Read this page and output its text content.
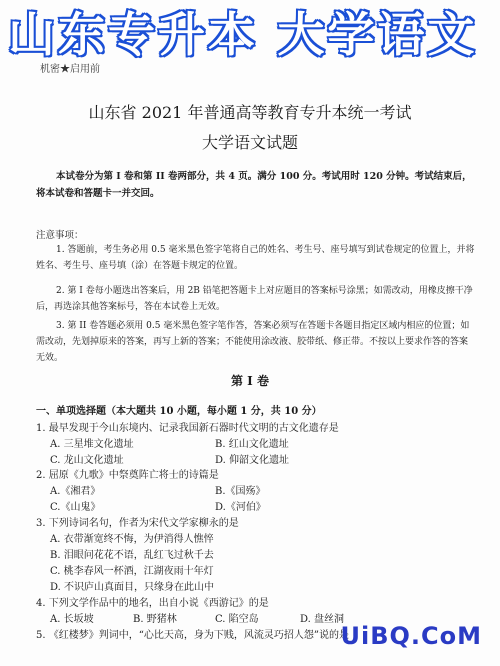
山东专升本 大学语文
机密★启用前
山东省 2021 年普通高等教育专升本统一考试
大学语文试题
本试卷分为第 I 卷和第 II 卷两部分，共 4 页。满分 100 分。考试用时 120 分钟。考试结束后，将本试卷和答题卡一并交回。
注意事项：
1. 答题前，考生务必用 0.5 毫米黑色签字笔将自己的姓名、考生号、座号填写到试卷规定的位置上，并将姓名、考生号、座号填（涂）在答题卡规定的位置。
2. 第 I 卷每小题选出答案后，用 2B 铅笔把答题卡上对应题目的答案标号涂黑；如需改动，用橡皮擦干净后，再选涂其他答案标号，答在本试卷上无效。
3. 第 II 卷答题必须用 0.5 毫米黑色签字笔作答，答案必须写在答题卡各题目指定区域内相应的位置；如需改动，先划掉原来的答案，再写上新的答案；不能使用涂改液、胶带纸、修正带。不按以上要求作答的答案无效。
第 I 卷
一、单项选择题（本大题共 10 小题，每小题 1 分，共 10 分）
1. 最早发现于今山东境内、记录我国新石器时代文明的古文化遗存是
A. 三星堆文化遗址	B. 红山文化遗址
C. 龙山文化遗址	D. 仰韶文化遗址
2. 屈原《九歌》中祭奠阵亡将士的诗篇是
A.《湘君》	B.《国殇》
C.《山鬼》	D.《河伯》
3. 下列诗词名句，作者为宋代文学家柳永的是
A. 衣带渐宽终不悔，为伊消得人憔悴
B. 泪眼问花花不语，乱红飞过秋千去
C. 桃李春风一杯酒，江湖夜雨十年灯
D. 不识庐山真面目，只缘身在此山中
4. 下列文学作品中的地名，出自小说《西游记》的是
A. 长坂坡	B. 野猪林	C. 陷空岛	D. 盘丝洞
5. 《红楼梦》判词中，“心比天高，身为下贱，风流灵巧招人怨”说的是
UiBQ.CoM
